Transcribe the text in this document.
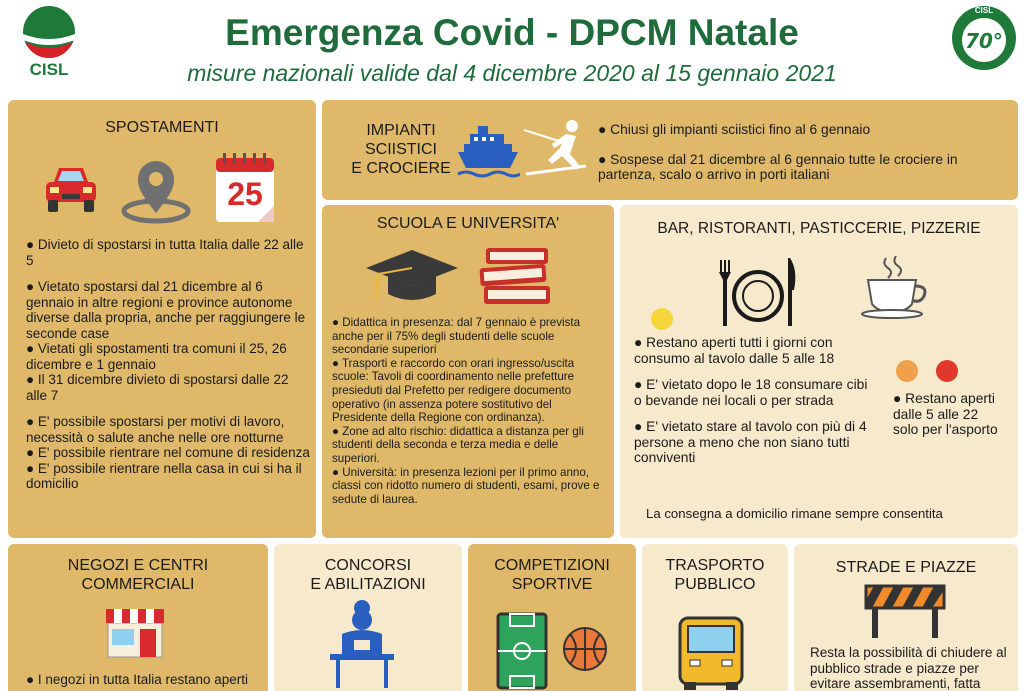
CISL
Emergenza Covid - DPCM Natale
misure nazionali valide dal 4 dicembre 2020 al 15 gennaio 2021
70°
CISL
SPOSTAMENTI
25

● Divieto di spostarsi in tutta Italia dalle 22 alle 5

● Vietato spostarsi dal 21 dicembre al 6 gennaio in altre regioni e province autonome diverse dalla propria, anche per raggiungere le seconde case

● Vietati gli spostamenti tra comuni il 25, 26 dicembre e 1 gennaio

● Il 31 dicembre divieto di spostarsi dalle 22 alle 7

● E' possibile spostarsi per motivi di lavoro, necessità o salute anche nelle ore notturne

● E' possibile rientrare nel comune di residenza

● E' possibile rientrare nella casa in cui si ha il domicilio

IMPIANTI
SCIISTICI
E CROCIERE

● Chiusi gli impianti sciistici fino al 6 gennaio

● Sospese dal 21 dicembre al 6 gennaio tutte le crociere in partenza, scalo o arrivo in porti italiani

SCUOLA E UNIVERSITA'

● Didattica in presenza: dal 7 gennaio è prevista anche per il 75% degli studenti delle scuole secondarie superiori

● Trasporti e raccordo con orari ingresso/uscita scuole: Tavoli di coordinamento nelle prefetture presieduti dal Prefetto per redigere documento operativo (in assenza potere sostitutivo del Presidente della Regione con ordinanza).

● Zone ad alto rischio: didattica a distanza per gli studenti della seconda e terza media e delle superiori.

● Università: in presenza lezioni per il primo anno, classi con ridotto numero di studenti, esami, prove e sedute di laurea.

BAR, RISTORANTI, PASTICCERIE, PIZZERIE

● Restano aperti tutti i giorni con consumo al tavolo dalle 5 alle 18

● E' vietato dopo le 18 consumare cibi o bevande nei locali o per strada

● E' vietato stare al tavolo con più di 4 persone a meno che non siano tutti conviventi

● Restano aperti dalle 5 alle 22 solo per l'asporto
La consegna a domicilio rimane sempre consentita
NEGOZI E CENTRI
COMMERCIALI
● I negozi in tutta Italia restano aperti
CONCORSI
E ABILITAZIONI
COMPETIZIONI
SPORTIVE
TRASPORTO
PUBBLICO
STRADE E PIAZZE
Resta la possibilità di chiudere al pubblico strade e piazze per evitare assembramenti, fatta
